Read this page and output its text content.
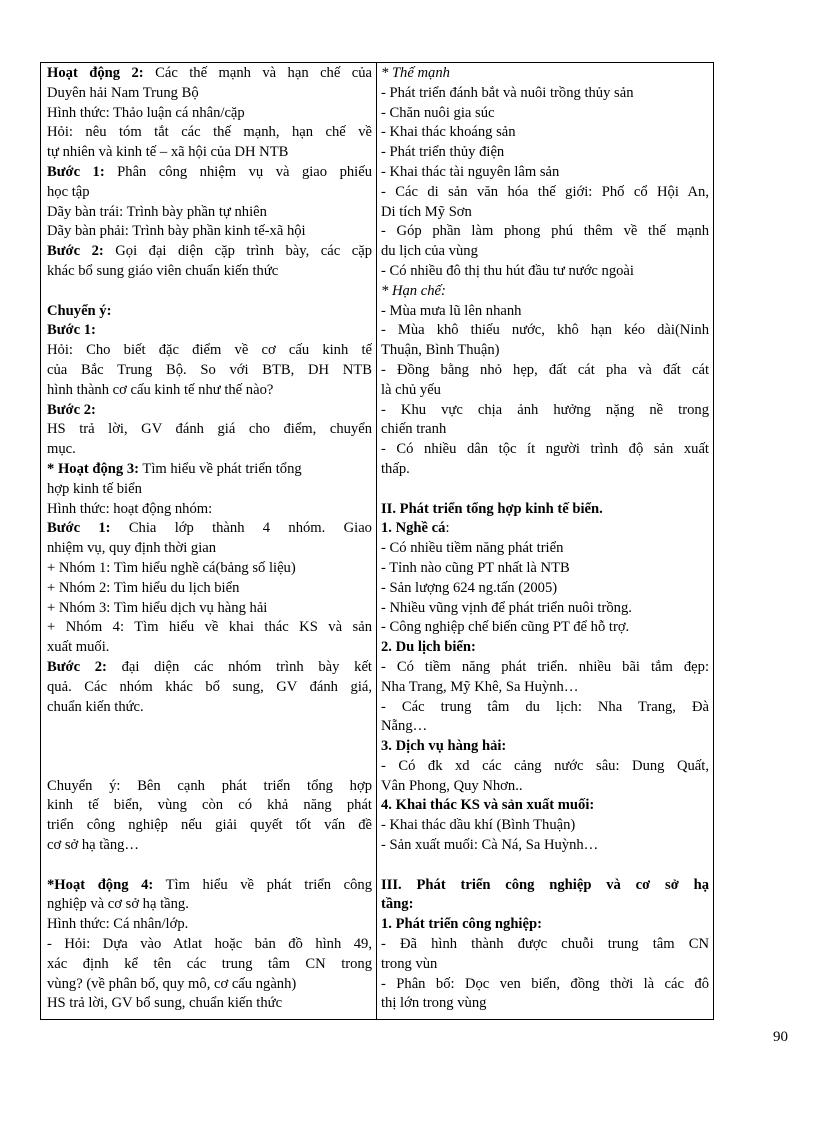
Hoạt động 2: Các thế mạnh và hạn chế của
Duyên hải Nam Trung Bộ
Hình thức: Thảo luận cá nhân/cặp
Hỏi: nêu tóm tắt các thế mạnh, hạn chế về
tự nhiên và kinh tế – xã hội của DH NTB
Bước 1: Phân công nhiệm vụ và giao phiếu
học tập
Dãy bàn trái: Trình bày phần tự nhiên
Dãy bàn phải: Trình bày phần kinh tế-xã hội
Bước 2: Gọi đại diện cặp trình bày, các cặp
khác bổ sung giáo viên chuẩn kiến thức
Chuyển ý:
Bước 1:
Hỏi: Cho biết đặc điểm về cơ cấu kinh tế
của Bắc Trung Bộ. So với BTB, DH NTB
hình thành cơ cấu kinh tế như thế nào?
Bước 2:
HS trả lời, GV đánh giá cho điểm, chuyển
mục.
* Hoạt động 3: Tìm hiểu về phát triển tổng
hợp kinh tế biển
Hình thức: hoạt động nhóm:
Bước 1: Chia lớp thành 4 nhóm. Giao
nhiệm vụ, quy định thời gian
+ Nhóm 1: Tìm hiểu nghề cá(bảng số liệu)
+ Nhóm 2: Tìm hiểu du lịch biển
+ Nhóm 3: Tìm hiểu dịch vụ hàng hải
+ Nhóm 4: Tìm hiểu về khai thác KS và sản
xuất muối.
Bước 2: đại diện các nhóm trình bày kết
quả. Các nhóm khác bổ sung, GV đánh giá,
chuẩn kiến thức.
Chuyển ý: Bên cạnh phát triển tổng hợp
kinh tế biển, vùng còn có khả năng phát
triển công nghiệp nếu giải quyết tốt vấn đề
cơ sở hạ tầng…
*Hoạt động 4: Tìm hiểu về phát triển công
nghiệp và cơ sở hạ tầng.
Hình thức: Cá nhân/lớp.
- Hỏi: Dựa vào Atlat hoặc bản đồ hình 49,
xác định kể tên các trung tâm CN trong
vùng? (về phân bố, quy mô, cơ cấu ngành)
HS trả lời, GV bổ sung, chuẩn kiến thức
* Thế mạnh
- Phát triển đánh bắt và nuôi trồng thủy sản
- Chăn nuôi gia súc
- Khai thác khoáng sản
- Phát triển thủy điện
- Khai thác tài nguyên lâm sản
- Các di sản văn hóa thế giới: Phố cổ Hội An,
Di tích Mỹ Sơn
- Góp phần làm phong phú thêm về thế mạnh
du lịch của vùng
- Có nhiều đô thị thu hút đầu tư nước ngoài
* Hạn chế:
- Mùa mưa lũ lên nhanh
- Mùa khô thiếu nước, khô hạn kéo dài(Ninh
Thuận, Bình Thuận)
- Đồng bằng nhỏ hẹp, đất cát pha và đất cát
là chủ yếu
- Khu vực chịa ảnh hưởng nặng nề trong
chiến tranh
- Có nhiều dân tộc ít người trình độ sản xuất
thấp.
II. Phát triển tổng hợp kinh tế biển.
1. Nghề cá:
- Có nhiều tiềm năng phát triển
- Tỉnh nào cũng PT nhất là NTB
- Sản lượng 624 ng.tấn (2005)
- Nhiều vũng vịnh để phát triển nuôi trồng.
- Công nghiệp chế biến cũng PT để hỗ trợ.
2. Du lịch biển:
- Có tiềm năng phát triển. nhiều bãi tắm đẹp:
Nha Trang, Mỹ Khê, Sa Huỳnh…
- Các trung tâm du lịch: Nha Trang, Đà
Nẵng…
3. Dịch vụ hàng hải:
- Có đk xd các cảng nước sâu: Dung Quất,
Vân Phong, Quy Nhơn..
4. Khai thác KS và sản xuất muối:
- Khai thác dầu khí (Bình Thuận)
- Sản xuất muối: Cà Ná, Sa Huỳnh…
III. Phát triển công nghiệp và cơ sở hạ
tầng:
1. Phát triển công nghiệp:
- Đã hình thành được chuỗi trung tâm CN
trong vùn
- Phân bố: Dọc ven biển, đồng thời là các đô
thị lớn trong vùng
90
